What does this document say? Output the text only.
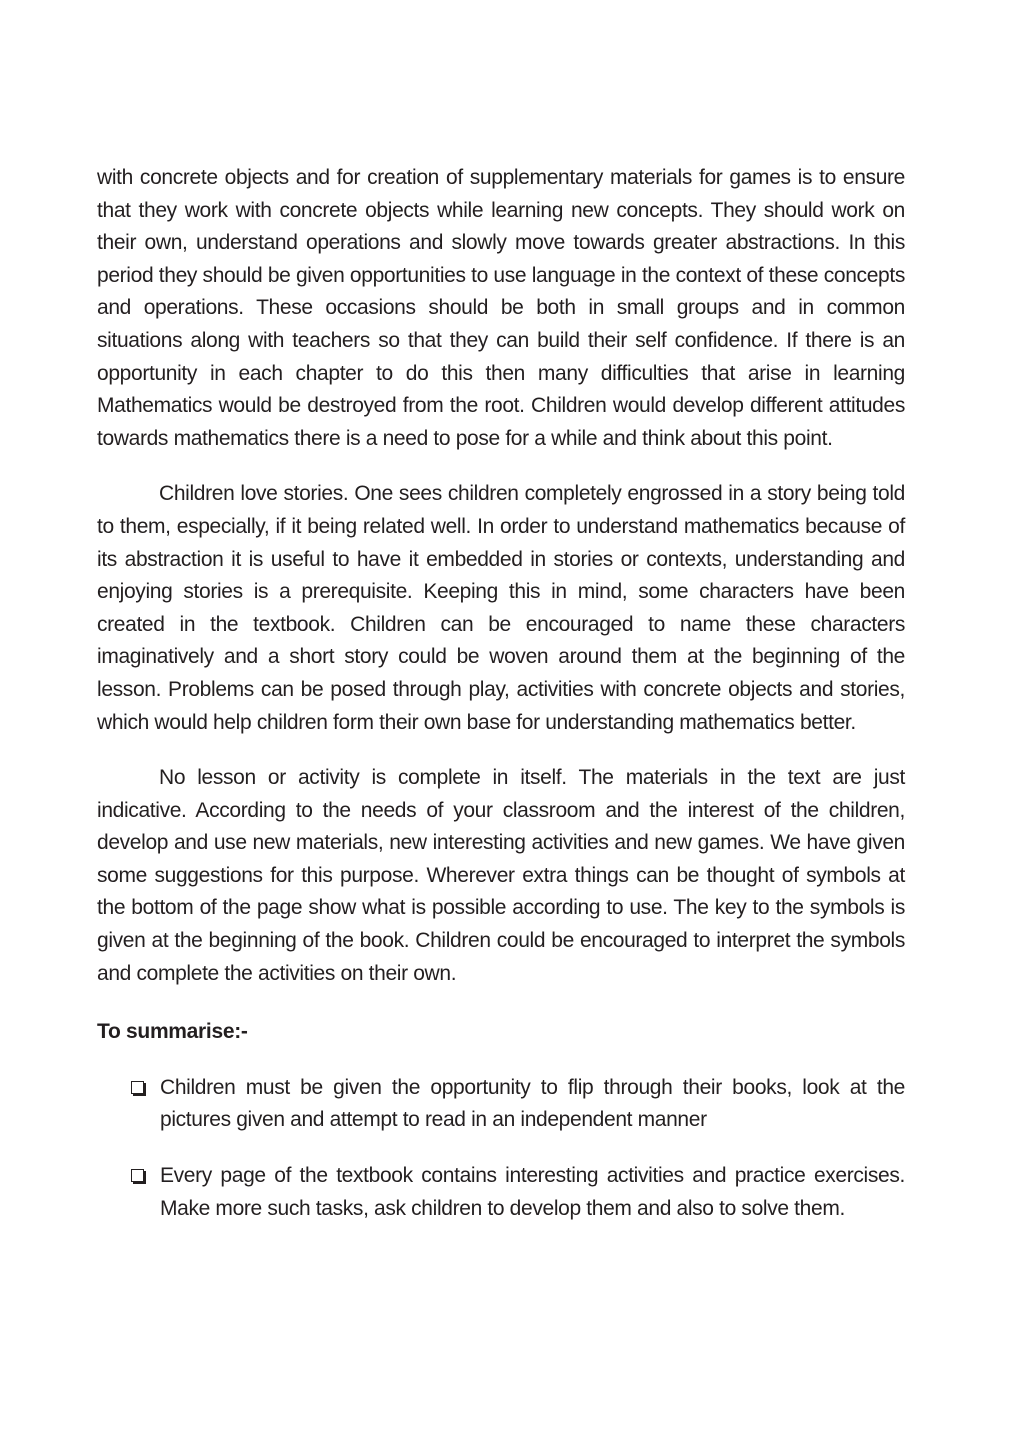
with concrete objects and for creation of supplementary materials for games is to ensure that they work with concrete objects while learning new concepts. They should work on their own, understand operations and slowly move towards greater abstractions. In this period they should be given opportunities to use language in the context of these concepts and operations. These occasions should be both in small groups and in common situations along with teachers so that they can build their self confidence. If there is an opportunity in each chapter to do this then many difficulties that arise in learning Mathematics would be destroyed from the root. Children would develop different attitudes towards mathematics there is a need to pose for a while and think about this point.

Children love stories. One sees children completely engrossed in a story being told to them, especially, if it being related well. In order to understand mathematics because of its abstraction it is useful to have it embedded in stories or contexts, understanding and enjoying stories is a prerequisite. Keeping this in mind, some characters have been created in the textbook. Children can be encouraged to name these characters imaginatively and a short story could be woven around them at the beginning of the lesson. Problems can be posed through play, activities with concrete objects and stories, which would help children form their own base for understanding mathematics better.

No lesson or activity is complete in itself. The materials in the text are just indicative. According to the needs of your classroom and the interest of the children, develop and use new materials, new interesting activities and new games. We have given some suggestions for this purpose. Wherever extra things can be thought of symbols at the bottom of the page show what is possible according to use. The key to the symbols is given at the beginning of the book. Children could be encouraged to interpret the symbols and complete the activities on their own.

To summarise:-
Children must be given the opportunity to flip through their books, look at the pictures given and attempt to read in an independent manner
Every page of the textbook contains interesting activities and practice exercises. Make more such tasks, ask children to develop them and also to solve them.
